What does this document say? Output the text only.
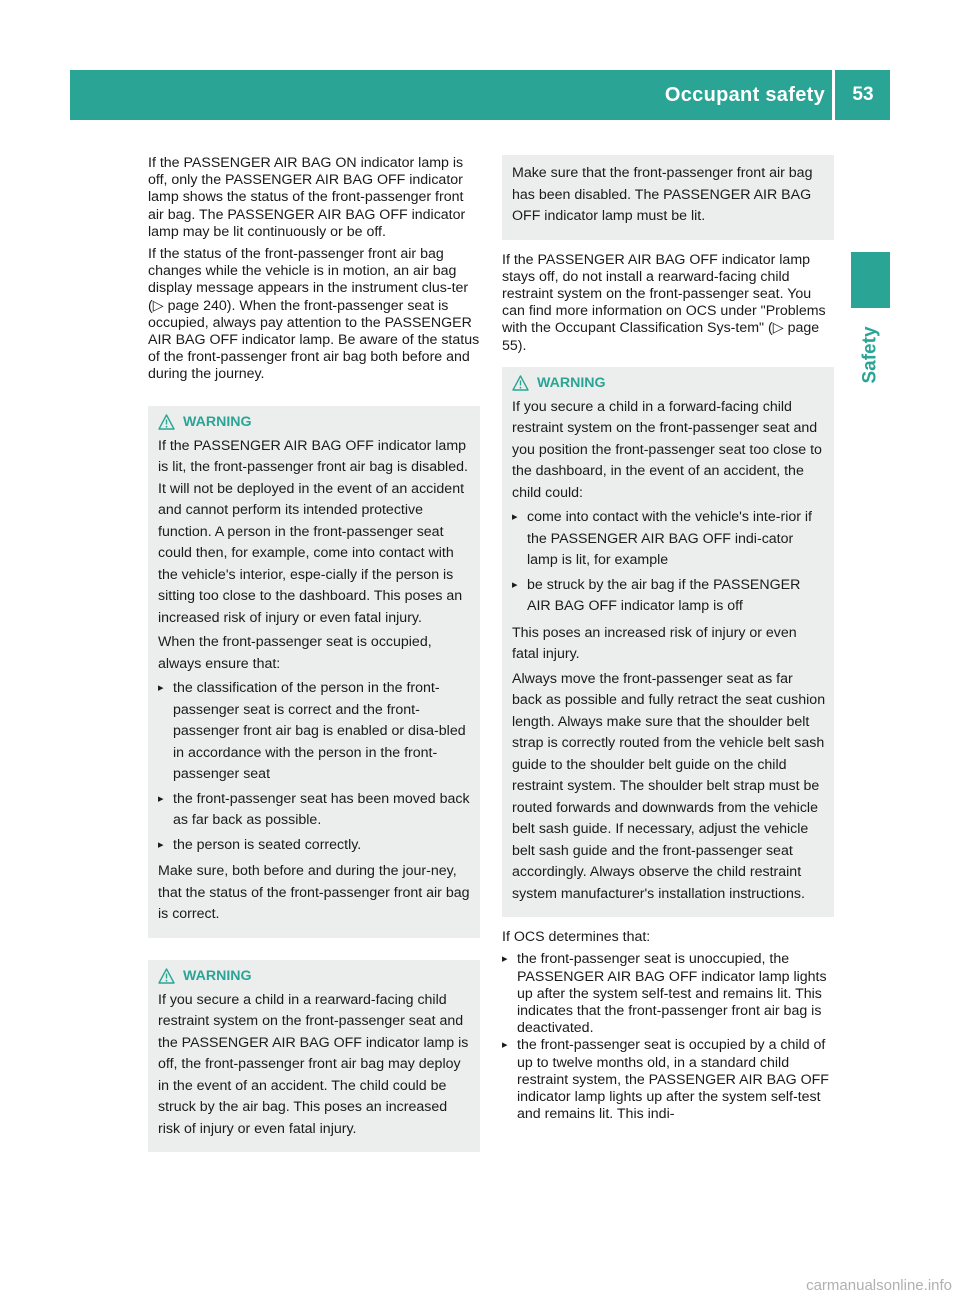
Occupant safety	53
Safety

If the PASSENGER AIR BAG ON indicator lamp is off, only the PASSENGER AIR BAG OFF indicator lamp shows the status of the front-passenger front air bag. The PASSENGER AIR BAG OFF indicator lamp may be lit continuously or be off.

If the status of the front-passenger front air bag changes while the vehicle is in motion, an air bag display message appears in the instrument clus-ter (▷ page 240). When the front-passenger seat is occupied, always pay attention to the PASSENGER AIR BAG OFF indicator lamp. Be aware of the status of the front-passenger front air bag both before and during the journey.

WARNING

If the PASSENGER AIR BAG OFF indicator lamp is lit, the front-passenger front air bag is disabled. It will not be deployed in the event of an accident and cannot perform its intended protective function. A person in the front-passenger seat could then, for example, come into contact with the vehicle's interior, espe-cially if the person is sitting too close to the dashboard. This poses an increased risk of injury or even fatal injury.

When the front-passenger seat is occupied, always ensure that:

▸ the classification of the person in the front-passenger seat is correct and the front-passenger front air bag is enabled or disa-bled in accordance with the person in the front-passenger seat
▸ the front-passenger seat has been moved back as far back as possible.
▸ the person is seated correctly.

Make sure, both before and during the jour-ney, that the status of the front-passenger front air bag is correct.

WARNING

If you secure a child in a rearward-facing child restraint system on the front-passenger seat and the PASSENGER AIR BAG OFF indicator lamp is off, the front-passenger front air bag may deploy in the event of an accident. The child could be struck by the air bag. This poses an increased risk of injury or even fatal injury.

Make sure that the front-passenger front air bag has been disabled. The PASSENGER AIR BAG OFF indicator lamp must be lit.

If the PASSENGER AIR BAG OFF indicator lamp stays off, do not install a rearward-facing child restraint system on the front-passenger seat. You can find more information on OCS under "Problems with the Occupant Classification Sys-tem" (▷ page 55).

WARNING

If you secure a child in a forward-facing child restraint system on the front-passenger seat and you position the front-passenger seat too close to the dashboard, in the event of an accident, the child could:

▸ come into contact with the vehicle's inte-rior if the PASSENGER AIR BAG OFF indi-cator lamp is lit, for example
▸ be struck by the air bag if the PASSENGER AIR BAG OFF indicator lamp is off

This poses an increased risk of injury or even fatal injury.

Always move the front-passenger seat as far back as possible and fully retract the seat cushion length. Always make sure that the shoulder belt strap is correctly routed from the vehicle belt sash guide to the shoulder belt guide on the child restraint system. The shoulder belt strap must be routed forwards and downwards from the vehicle belt sash guide. If necessary, adjust the vehicle belt sash guide and the front-passenger seat accordingly. Always observe the child restraint system manufacturer's installation instructions.

If OCS determines that:

▸ the front-passenger seat is unoccupied, the PASSENGER AIR BAG OFF indicator lamp lights up after the system self-test and remains lit. This indicates that the front-passenger front air bag is deactivated.
▸ the front-passenger seat is occupied by a child of up to twelve months old, in a standard child restraint system, the PASSENGER AIR BAG OFF indicator lamp lights up after the system self-test and remains lit. This indi-
carmanualsonline.info
